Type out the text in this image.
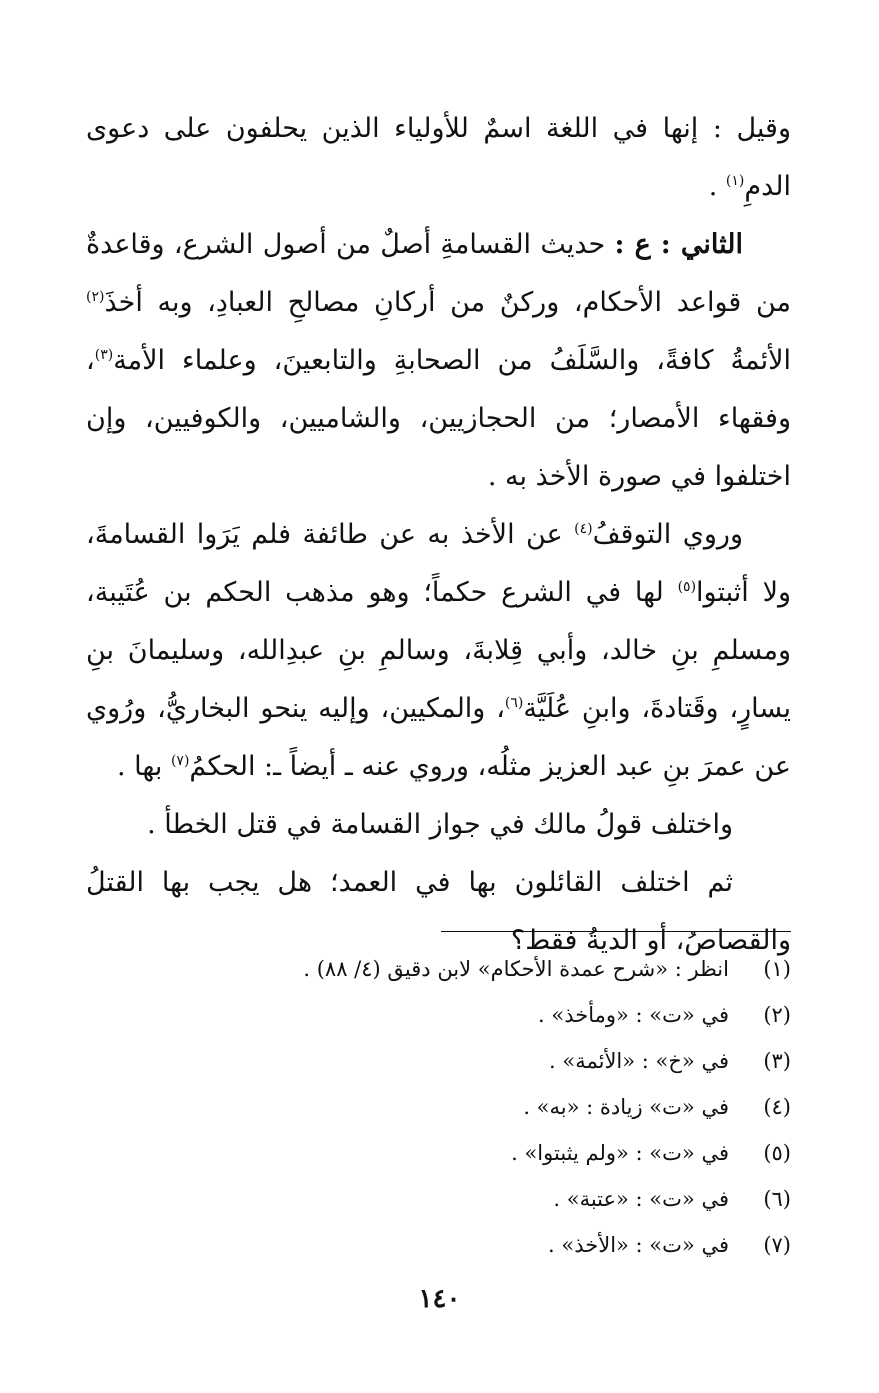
وقيل : إنها في اللغة اسمٌ للأولياء الذين يحلفون على دعوى الدمِ$^{(١)}$ .

الثاني : ع : حديث القسامةِ أصلٌ من أصول الشرع، وقاعدةٌ من قواعد الأحكام، وركنٌ من أركانِ مصالحِ العبادِ، وبه أخذَ$^{(٢)}$ الأئمةُ كافةً، والسَّلَفُ من الصحابةِ والتابعينَ، وعلماء الأمة$^{(٣)}$، وفقهاء الأمصار؛ من الحجازيين، والشاميين، والكوفيين، وإن اختلفوا في صورة الأخذ به .

وروي التوقفُ$^{(٤)}$ عن الأخذ به عن طائفة فلم يَرَوا القسامةَ، ولا أثبتوا$^{(٥)}$ لها في الشرع حكماً؛ وهو مذهب الحكم بن عُتَيبة، ومسلمِ بنِ خالد، وأبي قِلابةَ، وسالمِ بنِ عبدِالله، وسليمانَ بنِ يسارٍ، وقَتادةَ، وابنِ عُلَيَّة$^{(٦)}$، والمكيين، وإليه ينحو البخاريُّ، ورُوي عن عمرَ بنِ عبد العزيز مثلُه، وروي عنه ـ أيضاً ـ: الحكمُ$^{(٧)}$ بها .

واختلف قولُ مالك في جواز القسامة في قتل الخطأ .

ثم اختلف القائلون بها في العمد؛ هل يجب بها القتلُ والقصاصُ، أو الديةُ فقط؟

(١)
انظر : «شرح عمدة الأحكام» لابن دقيق (٤/ ٨٨) .
(٢)
في «ت» : «ومأخذ» .
(٣)
في «خ» : «الأئمة» .
(٤)
في «ت» زيادة : «به» .
(٥)
في «ت» : «ولم يثبتوا» .
(٦)
في «ت» : «عتبة» .
(٧)
في «ت» : «الأخذ» .
١٤٠
